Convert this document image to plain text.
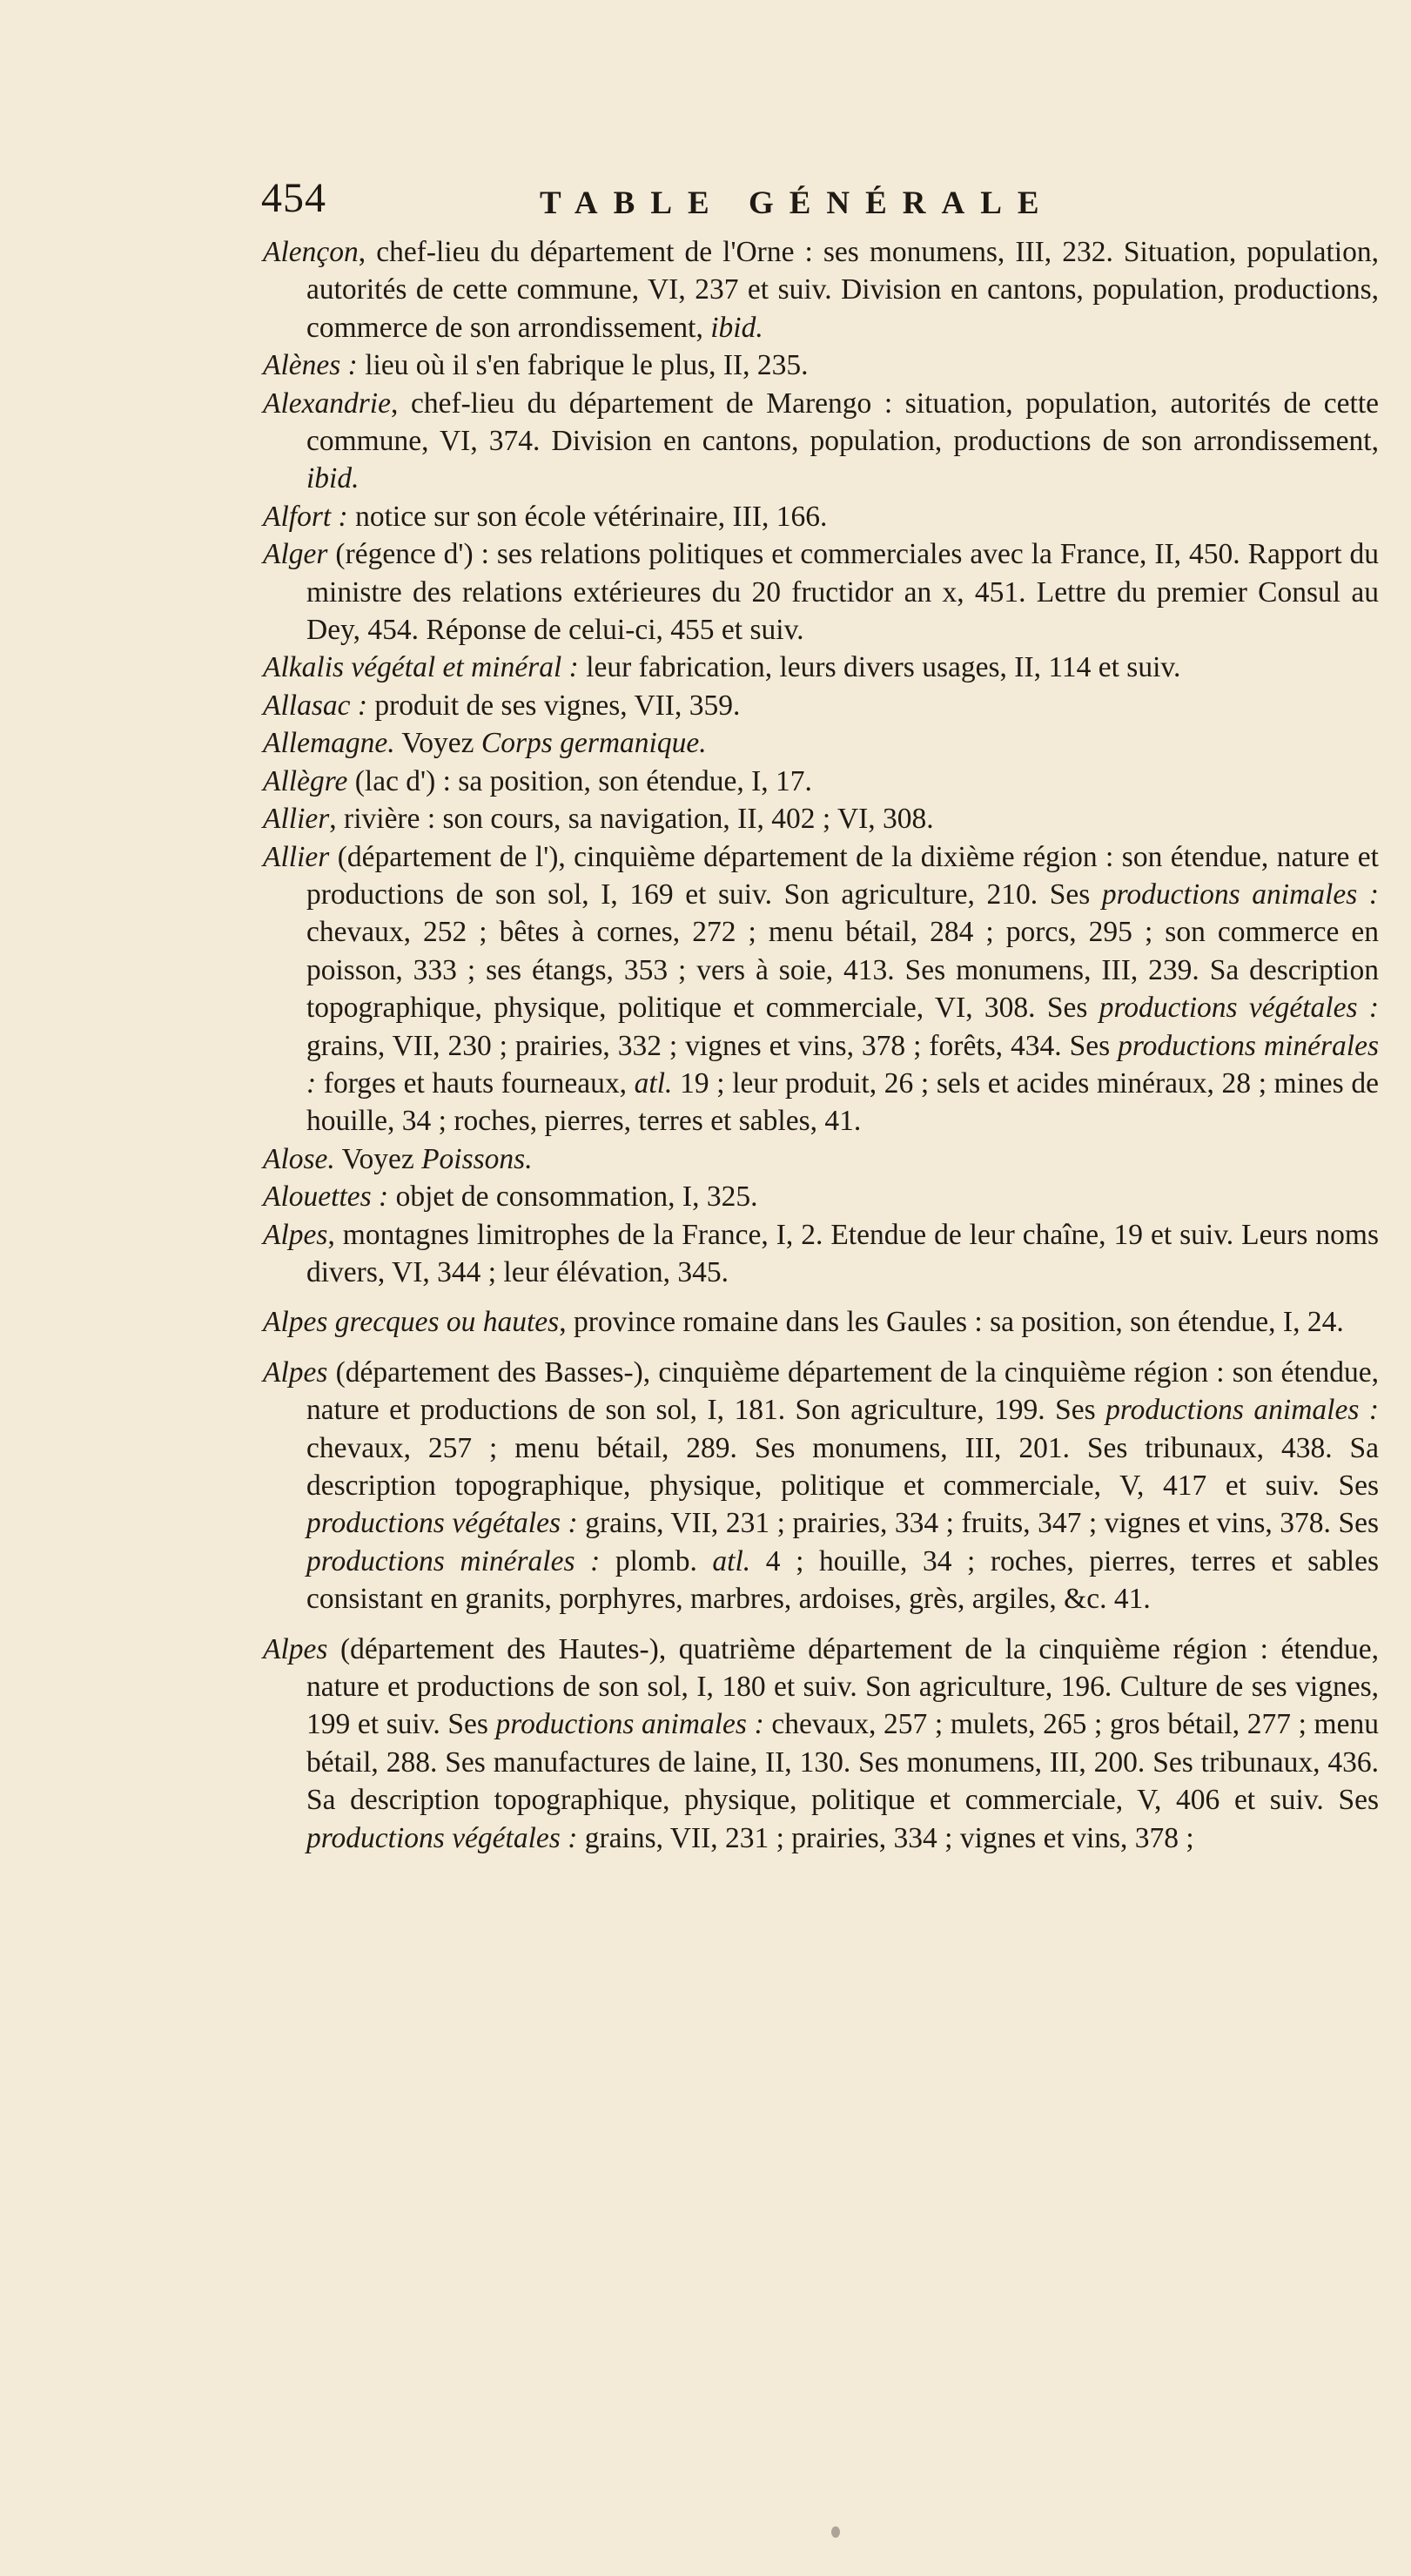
454	TABLE GÉNÉRALE

Alençon, chef-lieu du département de l'Orne : ses monumens, III, 232. Situation, population, autorités de cette commune, VI, 237 et suiv. Division en cantons, population, productions, commerce de son arrondissement, ibid.

Alènes : lieu où il s'en fabrique le plus, II, 235.

Alexandrie, chef-lieu du département de Marengo : situation, population, autorités de cette commune, VI, 374. Division en cantons, population, productions de son arrondissement, ibid.

Alfort : notice sur son école vétérinaire, III, 166.

Alger (régence d') : ses relations politiques et commerciales avec la France, II, 450. Rapport du ministre des relations extérieures du 20 fructidor an x, 451. Lettre du premier Consul au Dey, 454. Réponse de celui-ci, 455 et suiv.

Alkalis végétal et minéral : leur fabrication, leurs divers usages, II, 114 et suiv.

Allasac : produit de ses vignes, VII, 359.

Allemagne. Voyez Corps germanique.

Allègre (lac d') : sa position, son étendue, I, 17.

Allier, rivière : son cours, sa navigation, II, 402 ; VI, 308.

Allier (département de l'), cinquième département de la dixième région : son étendue, nature et productions de son sol, I, 169 et suiv. Son agriculture, 210. Ses productions animales : chevaux, 252 ; bêtes à cornes, 272 ; menu bétail, 284 ; porcs, 295 ; son commerce en poisson, 333 ; ses étangs, 353 ; vers à soie, 413. Ses monumens, III, 239. Sa description topographique, physique, politique et commerciale, VI, 308. Ses productions végétales : grains, VII, 230 ; prairies, 332 ; vignes et vins, 378 ; forêts, 434. Ses productions minérales : forges et hauts fourneaux, atl. 19 ; leur produit, 26 ; sels et acides minéraux, 28 ; mines de houille, 34 ; roches, pierres, terres et sables, 41.

Alose. Voyez Poissons.

Alouettes : objet de consommation, I, 325.

Alpes, montagnes limitrophes de la France, I, 2. Etendue de leur chaîne, 19 et suiv. Leurs noms divers, VI, 344 ; leur élévation, 345.

Alpes grecques ou hautes, province romaine dans les Gaules : sa position, son étendue, I, 24.

Alpes (département des Basses-), cinquième département de la cinquième région : son étendue, nature et productions de son sol, I, 181. Son agriculture, 199. Ses productions animales : chevaux, 257 ; menu bétail, 289. Ses monumens, III, 201. Ses tribunaux, 438. Sa description topographique, physique, politique et commerciale, V, 417 et suiv. Ses productions végétales : grains, VII, 231 ; prairies, 334 ; fruits, 347 ; vignes et vins, 378. Ses productions minérales : plomb. atl. 4 ; houille, 34 ; roches, pierres, terres et sables consistant en granits, porphyres, marbres, ardoises, grès, argiles, &c. 41.

Alpes (département des Hautes-), quatrième département de la cinquième région : étendue, nature et productions de son sol, I, 180 et suiv. Son agriculture, 196. Culture de ses vignes, 199 et suiv. Ses productions animales : chevaux, 257 ; mulets, 265 ; gros bétail, 277 ; menu bétail, 288. Ses manufactures de laine, II, 130. Ses monumens, III, 200. Ses tribunaux, 436. Sa description topographique, physique, politique et commerciale, V, 406 et suiv. Ses productions végétales : grains, VII, 231 ; prairies, 334 ; vignes et vins, 378 ;
